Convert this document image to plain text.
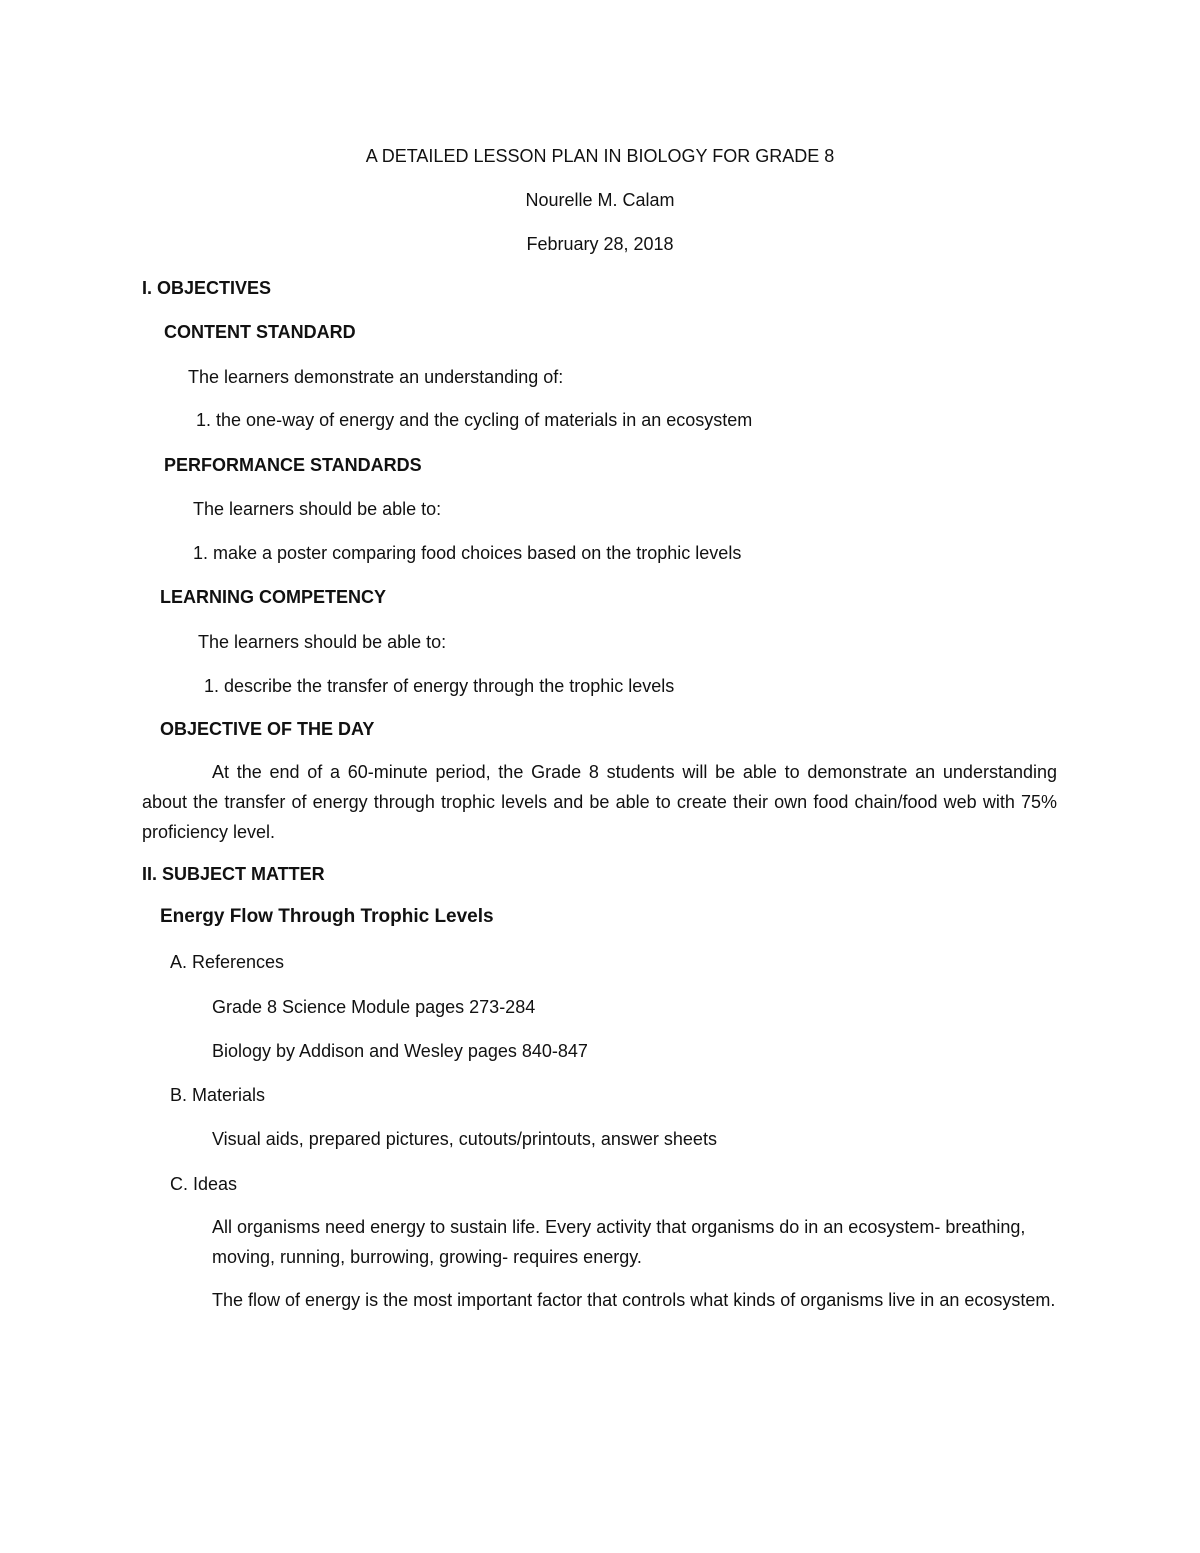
A DETAILED LESSON PLAN IN BIOLOGY FOR GRADE 8

Nourelle M. Calam

February 28, 2018

I. OBJECTIVES

CONTENT STANDARD

The learners demonstrate an understanding of:

1. the one-way of energy and the cycling of materials in an ecosystem

PERFORMANCE STANDARDS

The learners should be able to:

1. make a poster comparing food choices based on the trophic levels

LEARNING COMPETENCY

The learners should be able to:

1. describe the transfer of energy through the trophic levels

OBJECTIVE OF THE DAY

At the end of a 60-minute period, the Grade 8 students will be able to demonstrate an understanding about the transfer of energy through trophic levels and be able to create their own food chain/food web with 75% proficiency level.

II. SUBJECT MATTER

Energy Flow Through Trophic Levels

A. References

Grade 8 Science Module pages 273-284

Biology by Addison and Wesley pages 840-847

B. Materials

Visual aids, prepared pictures, cutouts/printouts, answer sheets

C. Ideas

All organisms need energy to sustain life. Every activity that organisms do in an ecosystem- breathing, moving, running, burrowing, growing- requires energy.

The flow of energy is the most important factor that controls what kinds of organisms live in an ecosystem.
